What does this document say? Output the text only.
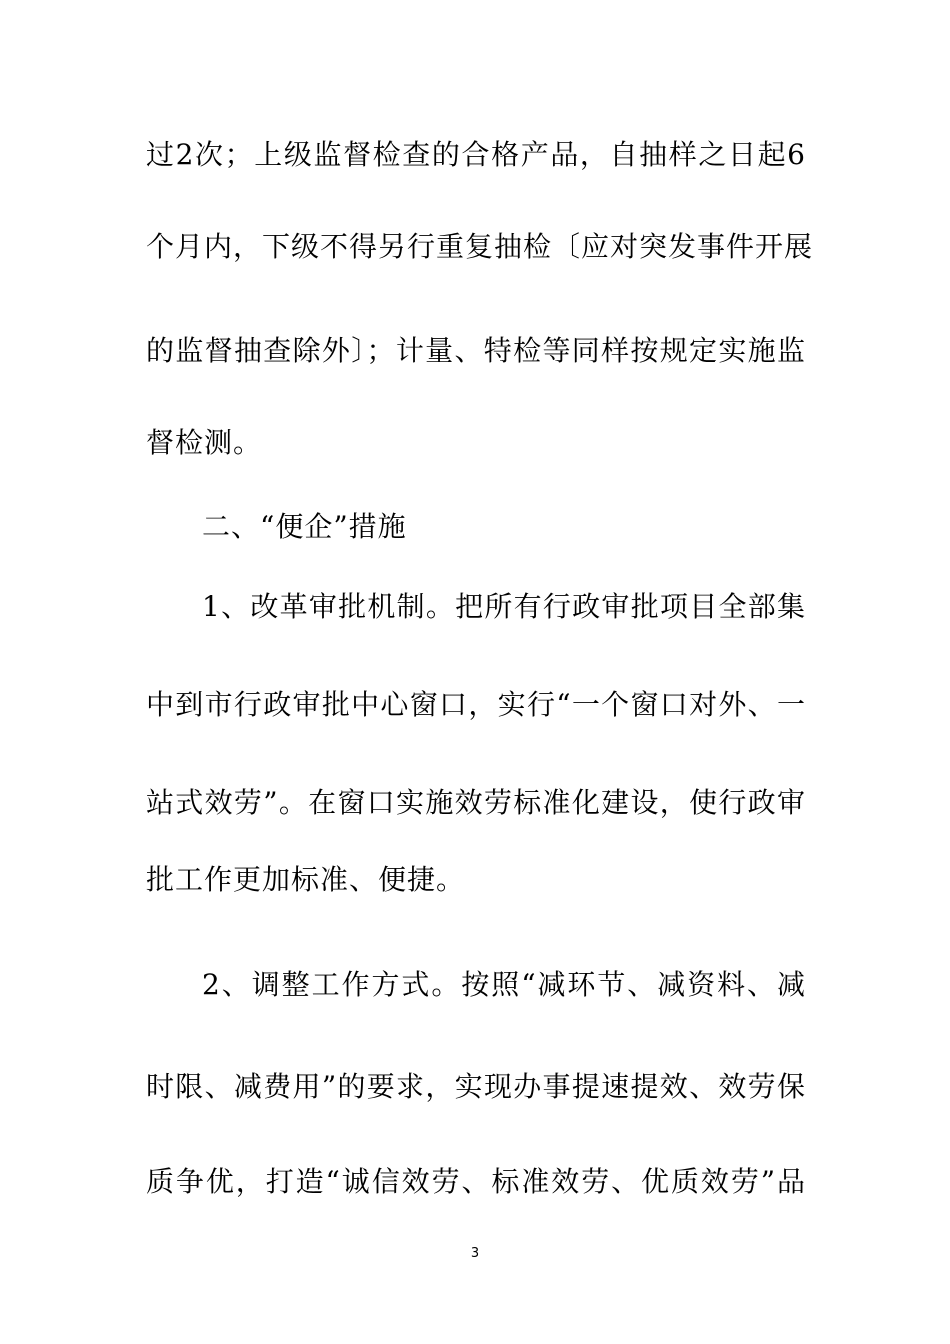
过2次；上级监督检查的合格产品，自抽样之日起6
个月内，下级不得另行重复抽检〔应对突发事件开展
的监督抽查除外〕；计量、特检等同样按规定实施监
督检测。
二、“便企”措施
1、改革审批机制。把所有行政审批项目全部集
中到市行政审批中心窗口，实行“一个窗口对外、一
站式效劳”。在窗口实施效劳标准化建设，使行政审
批工作更加标准、便捷。
2、调整工作方式。按照“减环节、减资料、减
时限、减费用”的要求，实现办事提速提效、效劳保
质争优，打造“诚信效劳、标准效劳、优质效劳”品
3
